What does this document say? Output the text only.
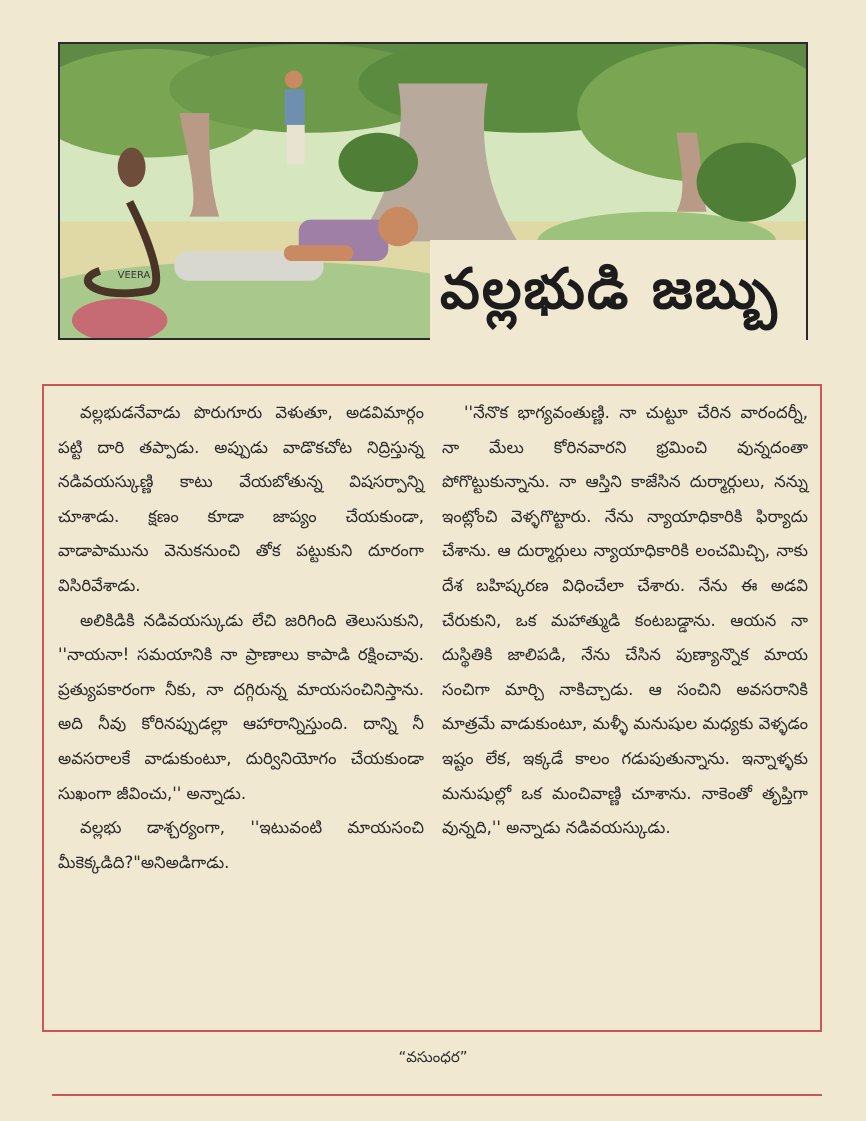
VEERA	వల్లభుడి జబ్బు

వల్లభుడనేవాడు పొరుగూరు వెళుతూ, అడవిమార్గం పట్టి దారి తప్పాడు. అప్పుడు వాడొకచోట నిద్రిస్తున్న నడివయస్కుణ్ణి కాటు వేయబోతున్న విషసర్పాన్ని చూశాడు. క్షణం కూడా జాప్యం చేయకుండా, వాడాపామును వెనుకనుంచి తోక పట్టుకుని దూరంగా విసిరివేశాడు.

అలికిడికి నడివయస్కుడు లేచి జరిగింది తెలుసుకుని, ''నాయనా! సమయానికి నా ప్రాణాలు కాపాడి రక్షించావు. ప్రత్యుపకారంగా నీకు, నా దగ్గిరున్న మాయసంచినిస్తాను. అది నీవు కోరినప్పుడల్లా ఆహారాన్నిస్తుంది. దాన్ని నీ అవసరాలకే వాడుకుంటూ, దుర్వినియోగం చేయకుండా సుఖంగా జీవించు,'' అన్నాడు.

వల్లభు డాశ్చర్యంగా, ''ఇటువంటి మాయసంచి మీకెక్కడిది?"అనిఅడిగాడు.

''నేనొక భాగ్యవంతుణ్ణి. నా చుట్టూ చేరిన వారందర్నీ, నా మేలు కోరినవారని భ్రమించి వున్నదంతా పోగొట్టుకున్నాను. నా ఆస్తిని కాజేసిన దుర్మార్గులు, నన్ను ఇంట్లోంచి వెళ్ళగొట్టారు. నేను న్యాయాధికారికి ఫిర్యాదు చేశాను. ఆ దుర్మార్గులు న్యాయాధికారికి లంచమిచ్చి, నాకు దేశ బహిష్కరణ విధించేలా చేశారు. నేను ఈ అడవి చేరుకుని, ఒక మహాత్ముడి కంటబడ్డాను. ఆయన నా దుస్థితికి జాలిపడి, నేను చేసిన పుణ్యాన్నొక మాయ సంచిగా మార్చి నాకిచ్చాడు. ఆ సంచిని అవసరానికి మాత్రమే వాడుకుంటూ, మళ్ళీ మనుషుల మధ్యకు వెళ్ళడం ఇష్టం లేక, ఇక్కడే కాలం గడుపుతున్నాను. ఇన్నాళ్ళకు మనుషుల్లో ఒక మంచివాణ్ణి చూశాను. నాకెంతో తృప్తిగా వున్నది,'' అన్నాడు నడివయస్కుడు.

“వసుంధర”
